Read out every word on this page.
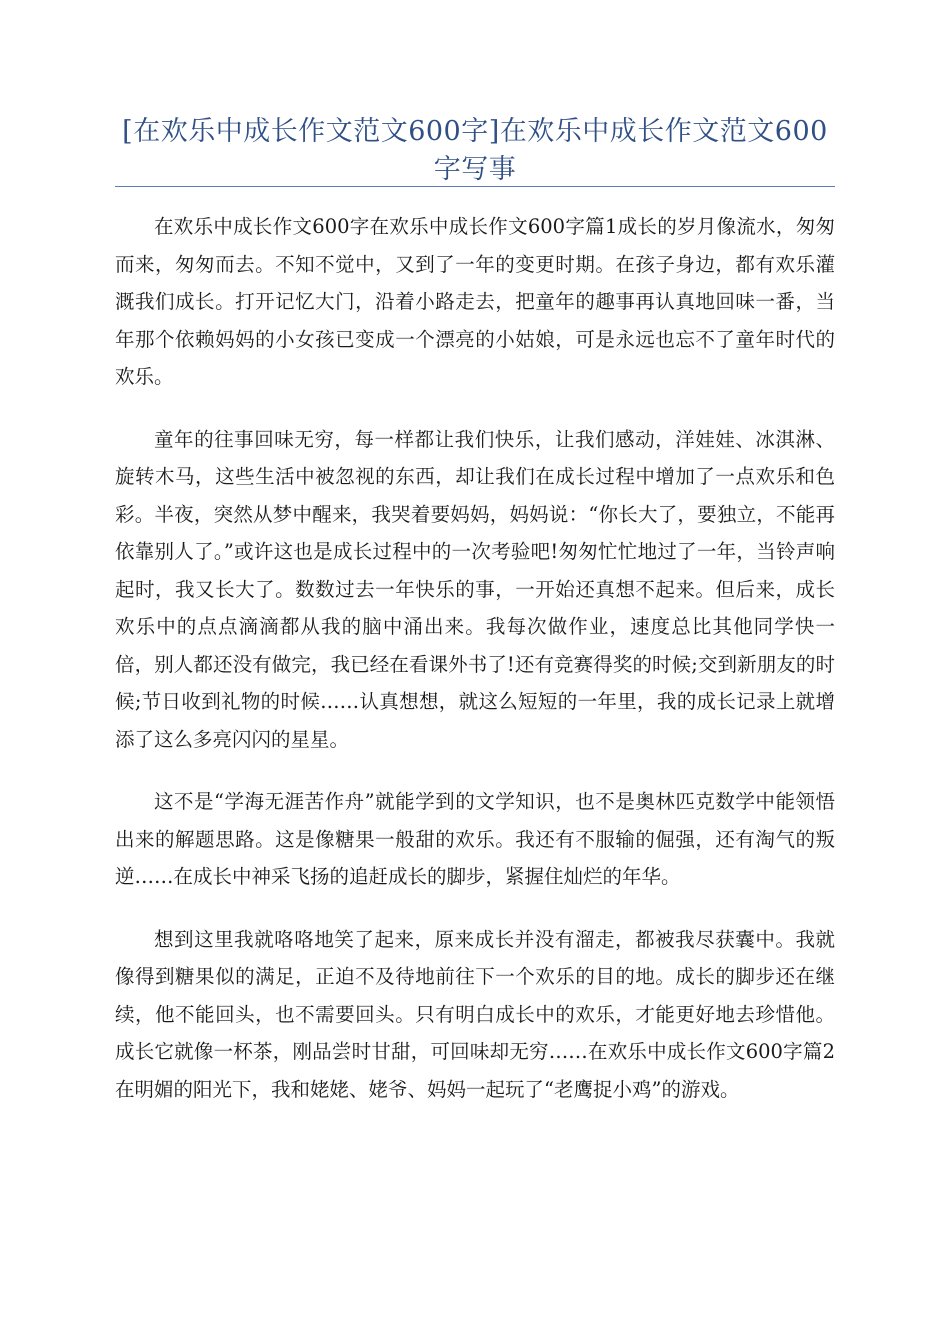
[在欢乐中成长作文范文600字]在欢乐中成长作文范文600字写事

在欢乐中成长作文600字在欢乐中成长作文600字篇1成长的岁月像流水，匆匆而来，匆匆而去。不知不觉中，又到了一年的变更时期。在孩子身边，都有欢乐灌溉我们成长。打开记忆大门，沿着小路走去，把童年的趣事再认真地回味一番，当年那个依赖妈妈的小女孩已变成一个漂亮的小姑娘，可是永远也忘不了童年时代的欢乐。

童年的往事回味无穷，每一样都让我们快乐，让我们感动，洋娃娃、冰淇淋、旋转木马，这些生活中被忽视的东西，却让我们在成长过程中增加了一点欢乐和色彩。半夜，突然从梦中醒来，我哭着要妈妈，妈妈说：“你长大了，要独立，不能再依靠别人了。”或许这也是成长过程中的一次考验吧!匆匆忙忙地过了一年，当铃声响起时，我又长大了。数数过去一年快乐的事，一开始还真想不起来。但后来，成长欢乐中的点点滴滴都从我的脑中涌出来。我每次做作业，速度总比其他同学快一倍，别人都还没有做完，我已经在看课外书了!还有竞赛得奖的时候;交到新朋友的时候;节日收到礼物的时候……认真想想，就这么短短的一年里，我的成长记录上就增添了这么多亮闪闪的星星。

这不是“学海无涯苦作舟”就能学到的文学知识，也不是奥林匹克数学中能领悟出来的解题思路。这是像糖果一般甜的欢乐。我还有不服输的倔强，还有淘气的叛逆……在成长中神采飞扬的追赶成长的脚步，紧握住灿烂的年华。

想到这里我就咯咯地笑了起来，原来成长并没有溜走，都被我尽获囊中。我就像得到糖果似的满足，正迫不及待地前往下一个欢乐的目的地。成长的脚步还在继续，他不能回头，也不需要回头。只有明白成长中的欢乐，才能更好地去珍惜他。成长它就像一杯茶，刚品尝时甘甜，可回味却无穷……在欢乐中成长作文600字篇2在明媚的阳光下，我和姥姥、姥爷、妈妈一起玩了“老鹰捉小鸡”的游戏。
